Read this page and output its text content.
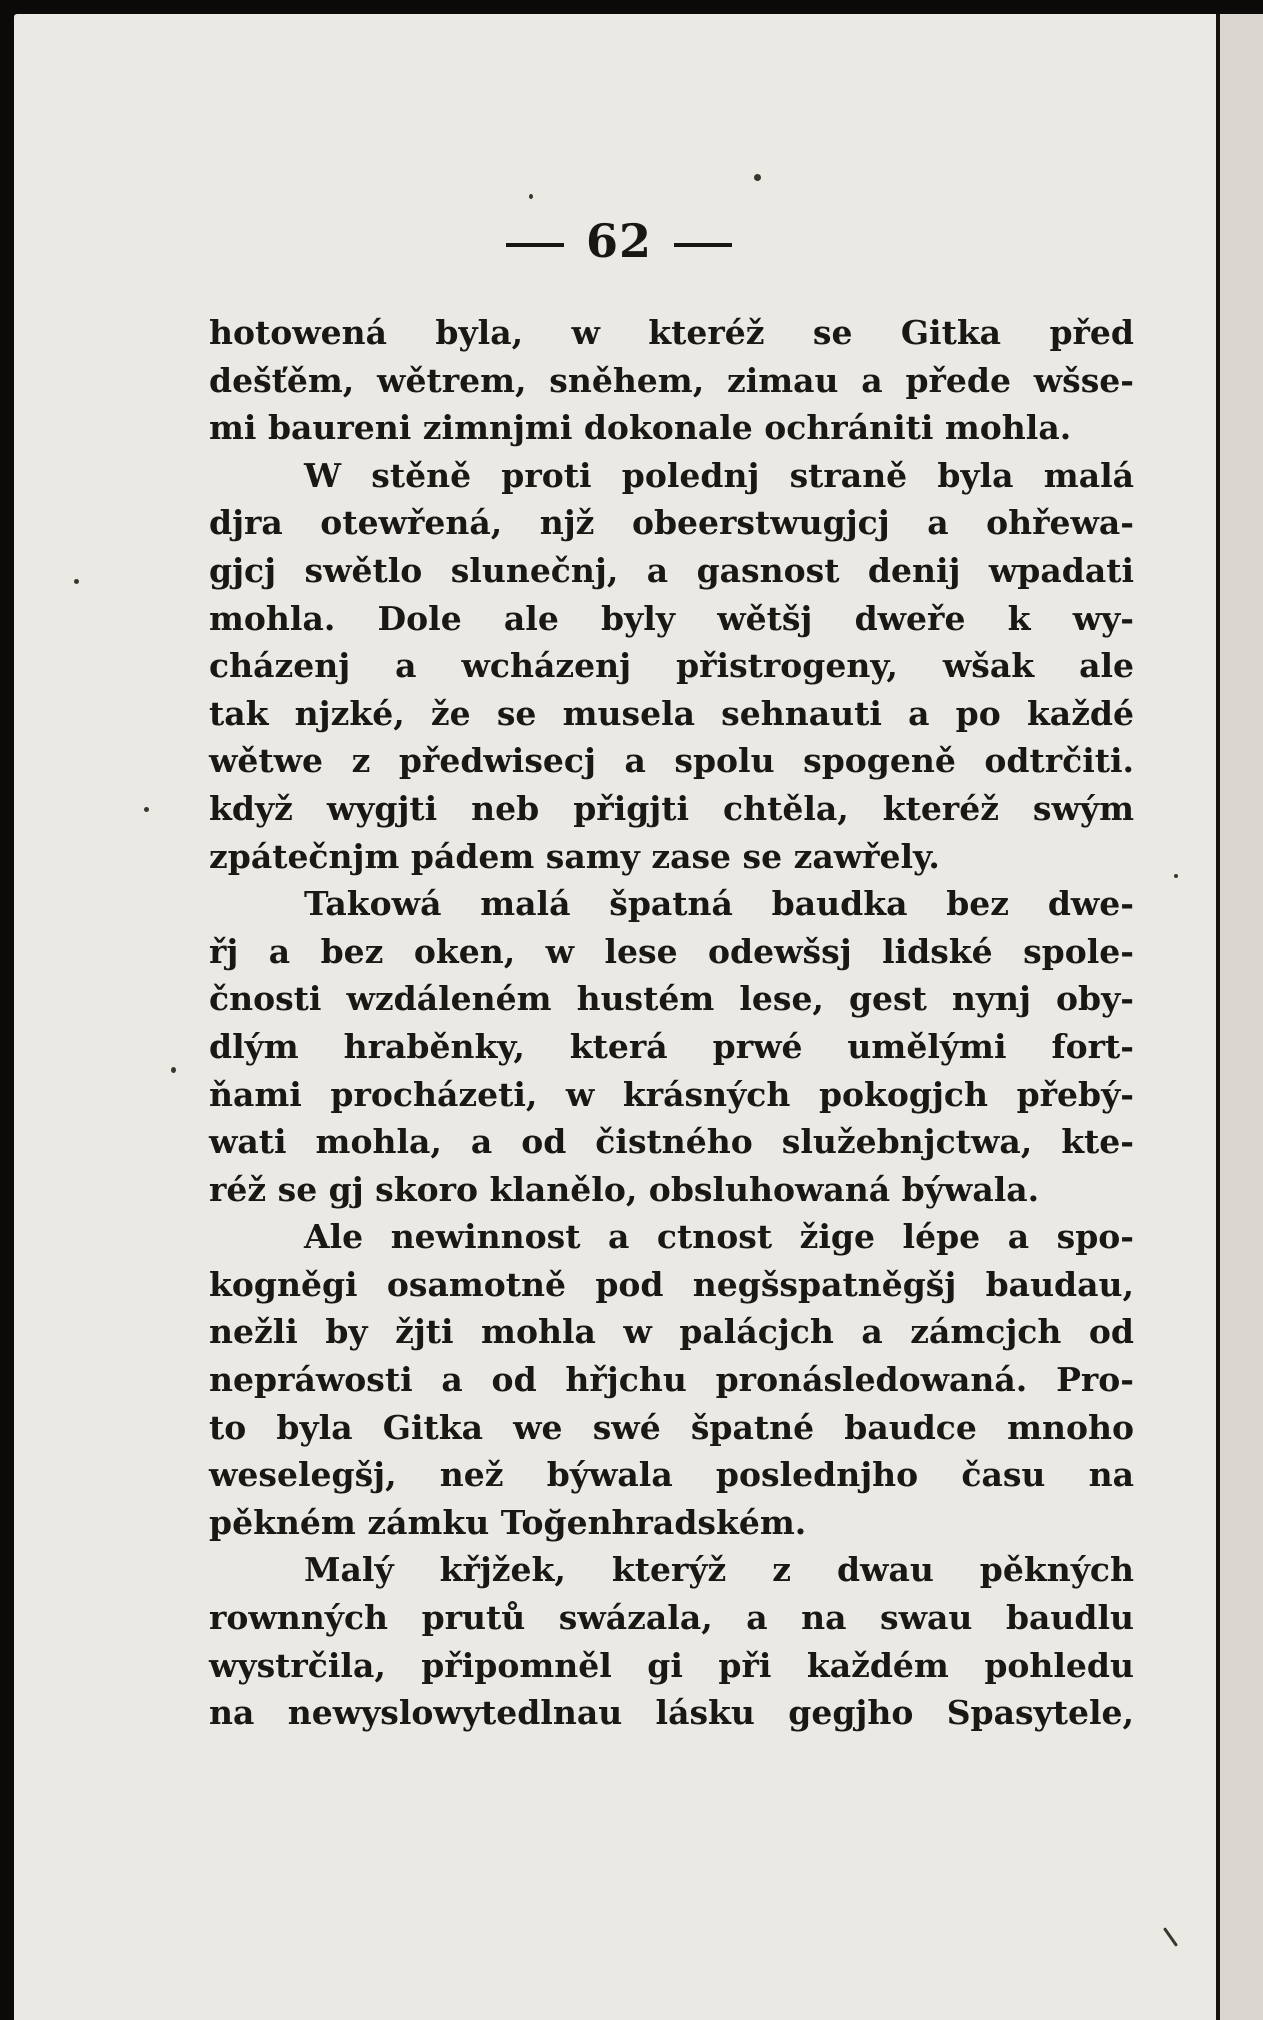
62
hotowená byla, w kteréž se Gitka před
dešťěm, wětrem, sněhem, zimau a přede wšse-
mi baureni zimnjmi dokonale ochrániti mohla.
W stěně proti polednj straně byla malá
djra otewřená, njž obeerstwugjcj a ohřewa-
gjcj swětlo slunečnj, a gasnost denij wpadati
mohla. Dole ale byly wětšj dweře k wy-
cházenj a wcházenj přistrogeny, wšak ale
tak njzké, že se musela sehnauti a po každé
wětwe z předwisecj a spolu spogeně odtrčiti.
když wygjti neb přigjti chtěla, kteréž swým
zpátečnjm pádem samy zase se zawřely.
Takowá malá špatná baudka bez dwe-
řj a bez oken, w lese odewšsj lidské spole-
čnosti wzdáleném hustém lese, gest nynj oby-
dlým hraběnky, která prwé umělými fort-
ňami procházeti, w krásných pokogjch přebý-
wati mohla, a od čistného služebnjctwa, kte-
réž se gj skoro klanělo, obsluhowaná býwala.
Ale newinnost a ctnost žige lépe a spo-
kogněgi osamotně pod negšspatněgšj baudau,
nežli by žjti mohla w palácjch a zámcjch od
nepráwosti a od hřjchu pronásledowaná. Pro-
to byla Gitka we swé špatné baudce mnoho
weselegšj, než býwala poslednjho času na
pěkném zámku Toğenhradském.
Malý křjžek, kterýž z dwau pěkných
rownných prutů swázala, a na swau baudlu
wystrčila, připomněl gi při každém pohledu
na newyslowytedlnau lásku gegjho Spasytele,
